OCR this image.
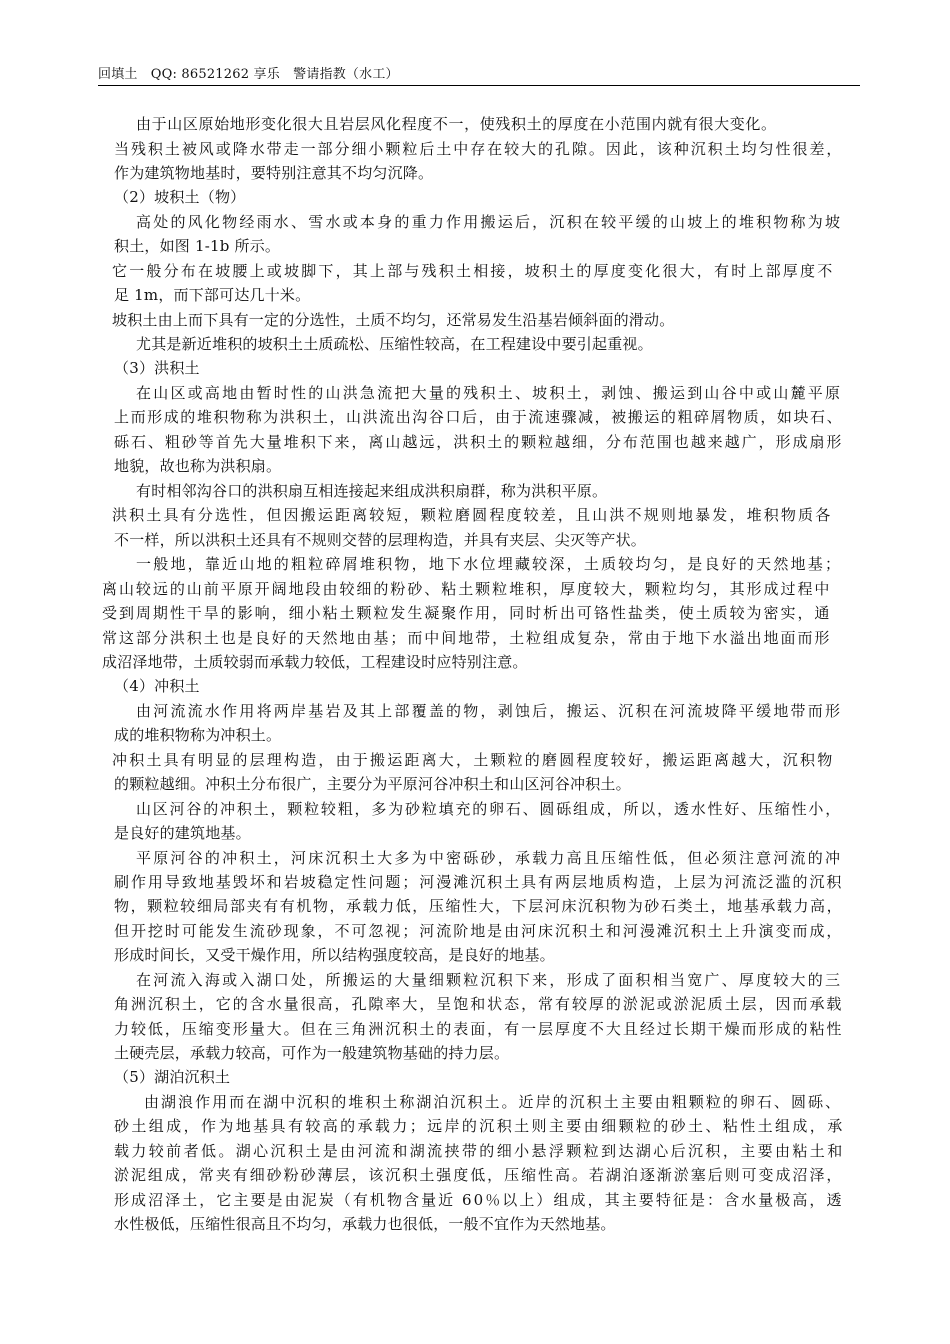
回填土　QQ: 86521262 享乐　警请指教（水工）
由于山区原始地形变化很大且岩层风化程度不一，使残积土的厚度在小范围内就有很大变化。
当残积土被风或降水带走一部分细小颗粒后土中存在较大的孔隙。因此，该种沉积土均匀性很差，
作为建筑物地基时，要特别注意其不均匀沉降。
（2）坡积土（物）
高处的风化物经雨水、雪水或本身的重力作用搬运后，沉积在较平缓的山坡上的堆积物称为坡
积土，如图 1-1b 所示。
它一般分布在坡腰上或坡脚下，其上部与残积土相接，坡积土的厚度变化很大，有时上部厚度不
足 1m，而下部可达几十米。
坡积土由上而下具有一定的分选性，土质不均匀，还常易发生沿基岩倾斜面的滑动。
尤其是新近堆积的坡积土土质疏松、压缩性较高，在工程建设中要引起重视。
（3）洪积土
在山区或高地由暂时性的山洪急流把大量的残积土、坡积土，剥蚀、搬运到山谷中或山麓平原
上而形成的堆积物称为洪积土，山洪流出沟谷口后，由于流速骤减，被搬运的粗碎屑物质，如块石、
砾石、粗砂等首先大量堆积下来，离山越远，洪积土的颗粒越细，分布范围也越来越广，形成扇形
地貌，故也称为洪积扇。
有时相邻沟谷口的洪积扇互相连接起来组成洪积扇群，称为洪积平原。
洪积土具有分选性，但因搬运距离较短，颗粒磨圆程度较差，且山洪不规则地暴发，堆积物质各
不一样，所以洪积土还具有不规则交替的层理构造，并具有夹层、尖灭等产状。
一般地，靠近山地的粗粒碎屑堆积物，地下水位埋藏较深，土质较均匀，是良好的天然地基；
离山较远的山前平原开阔地段由较细的粉砂、粘土颗粒堆积，厚度较大，颗粒均匀，其形成过程中
受到周期性干旱的影响，细小粘土颗粒发生凝聚作用，同时析出可铬性盐类，使土质较为密实，通
常这部分洪积土也是良好的天然地由基；而中间地带，土粒组成复杂，常由于地下水溢出地面而形
成沼泽地带，土质较弱而承载力较低，工程建设时应特别注意。
（4）冲积土
由河流流水作用将两岸基岩及其上部覆盖的物，剥蚀后，搬运、沉积在河流坡降平缓地带而形
成的堆积物称为冲积土。
冲积土具有明显的层理构造，由于搬运距离大，土颗粒的磨圆程度较好，搬运距离越大，沉积物
的颗粒越细。冲积土分布很广，主要分为平原河谷冲积土和山区河谷冲积土。
山区河谷的冲积土，颗粒较粗，多为砂粒填充的卵石、圆砾组成，所以，透水性好、压缩性小，
是良好的建筑地基。
平原河谷的冲积土，河床沉积土大多为中密砾砂，承载力高且压缩性低，但必须注意河流的冲
刷作用导致地基毁坏和岩坡稳定性问题；河漫滩沉积土具有两层地质构造，上层为河流泛滥的沉积
物，颗粒较细局部夹有有机物，承载力低，压缩性大，下层河床沉积物为砂石类土，地基承载力高，
但开挖时可能发生流砂现象，不可忽视；河流阶地是由河床沉积土和河漫滩沉积土上升演变而成，
形成时间长，又受干燥作用，所以结构强度较高，是良好的地基。
在河流入海或入湖口处，所搬运的大量细颗粒沉积下来，形成了面积相当宽广、厚度较大的三
角洲沉积土，它的含水量很高，孔隙率大，呈饱和状态，常有较厚的淤泥或淤泥质土层，因而承载
力较低，压缩变形量大。但在三角洲沉积土的表面，有一层厚度不大且经过长期干燥而形成的粘性
土硬壳层，承载力较高，可作为一般建筑物基础的持力层。
（5）湖泊沉积土
由湖浪作用而在湖中沉积的堆积土称湖泊沉积土。近岸的沉积土主要由粗颗粒的卵石、圆砾、
砂土组成，作为地基具有较高的承载力；远岸的沉积土则主要由细颗粒的砂土、粘性土组成，承
载力较前者低。湖心沉积土是由河流和湖流挟带的细小悬浮颗粒到达湖心后沉积，主要由粘土和
淤泥组成，常夹有细砂粉砂薄层，该沉积土强度低，压缩性高。若湖泊逐渐淤塞后则可变成沼泽，
形成沼泽土，它主要是由泥炭（有机物含量近 60％以上）组成，其主要特征是：含水量极高，透
水性极低，压缩性很高且不均匀，承载力也很低，一般不宜作为天然地基。
